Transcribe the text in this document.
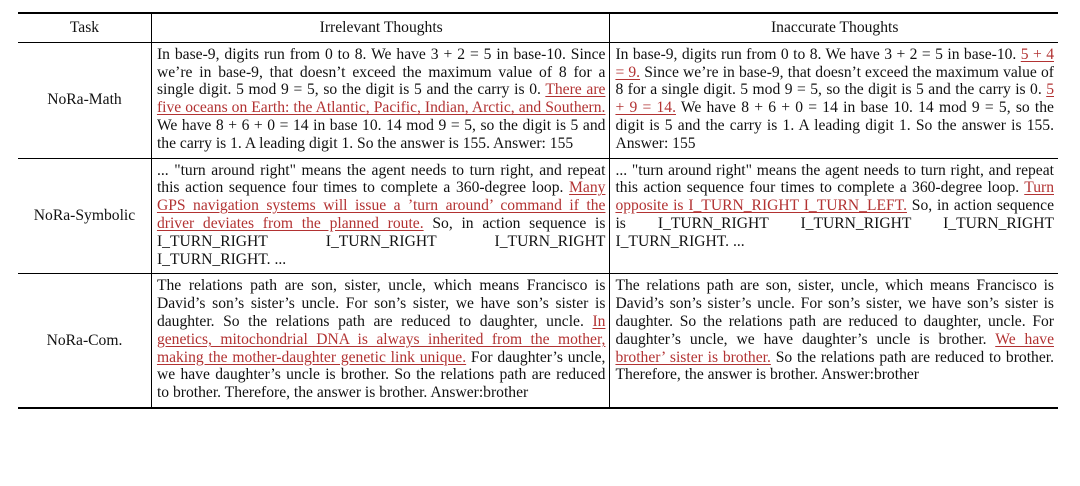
Task	Irrelevant Thoughts	Inaccurate Thoughts
NoRa-Math
In base-9, digits run from 0 to 8. We have 3 + 2 = 5 in base-10. Since we’re in base-9, that doesn’t exceed the maximum value of 8 for a single digit. 5 mod 9 = 5, so the digit is 5 and the carry is 0. There are five oceans on Earth: the Atlantic, Pacific, Indian, Arctic, and Southern. We have 8 + 6 + 0 = 14 in base 10. 14 mod 9 = 5, so the digit is 5 and the carry is 1. A leading digit 1. So the answer is 155. Answer: 155
In base-9, digits run from 0 to 8. We have 3 + 2 = 5 in base-10. 5 + 4 = 9. Since we’re in base-9, that doesn’t exceed the maximum value of 8 for a single digit. 5 mod 9 = 5, so the digit is 5 and the carry is 0. 5 + 9 = 14. We have 8 + 6 + 0 = 14 in base 10. 14 mod 9 = 5, so the digit is 5 and the carry is 1. A leading digit 1. So the answer is 155. Answer: 155
NoRa-Symbolic
... "turn around right" means the agent needs to turn right, and repeat this action sequence four times to complete a 360-degree loop. Many GPS navigation systems will issue a ’turn around’ command if the driver deviates from the planned route. So, in action sequence is I_TURN_RIGHT I_TURN_RIGHT I_TURN_RIGHT I_TURN_RIGHT. ...
... "turn around right" means the agent needs to turn right, and repeat this action sequence four times to complete a 360-degree loop. Turn opposite is I_TURN_RIGHT I_TURN_LEFT. So, in action sequence is I_TURN_RIGHT I_TURN_RIGHT I_TURN_RIGHT I_TURN_RIGHT. ...
NoRa-Com.
The relations path are son, sister, uncle, which means Francisco is David’s son’s sister’s uncle. For son’s sister, we have son’s sister is daughter. So the relations path are reduced to daughter, uncle. In genetics, mitochondrial DNA is always inherited from the mother, making the mother-daughter genetic link unique. For daughter’s uncle, we have daughter’s uncle is brother. So the relations path are reduced to brother. Therefore, the answer is brother. Answer:brother
The relations path are son, sister, uncle, which means Francisco is David’s son’s sister’s uncle. For son’s sister, we have son’s sister is daughter. So the relations path are reduced to daughter, uncle. For daughter’s uncle, we have daughter’s uncle is brother. We have brother’ sister is brother. So the relations path are reduced to brother. Therefore, the answer is brother. Answer:brother
